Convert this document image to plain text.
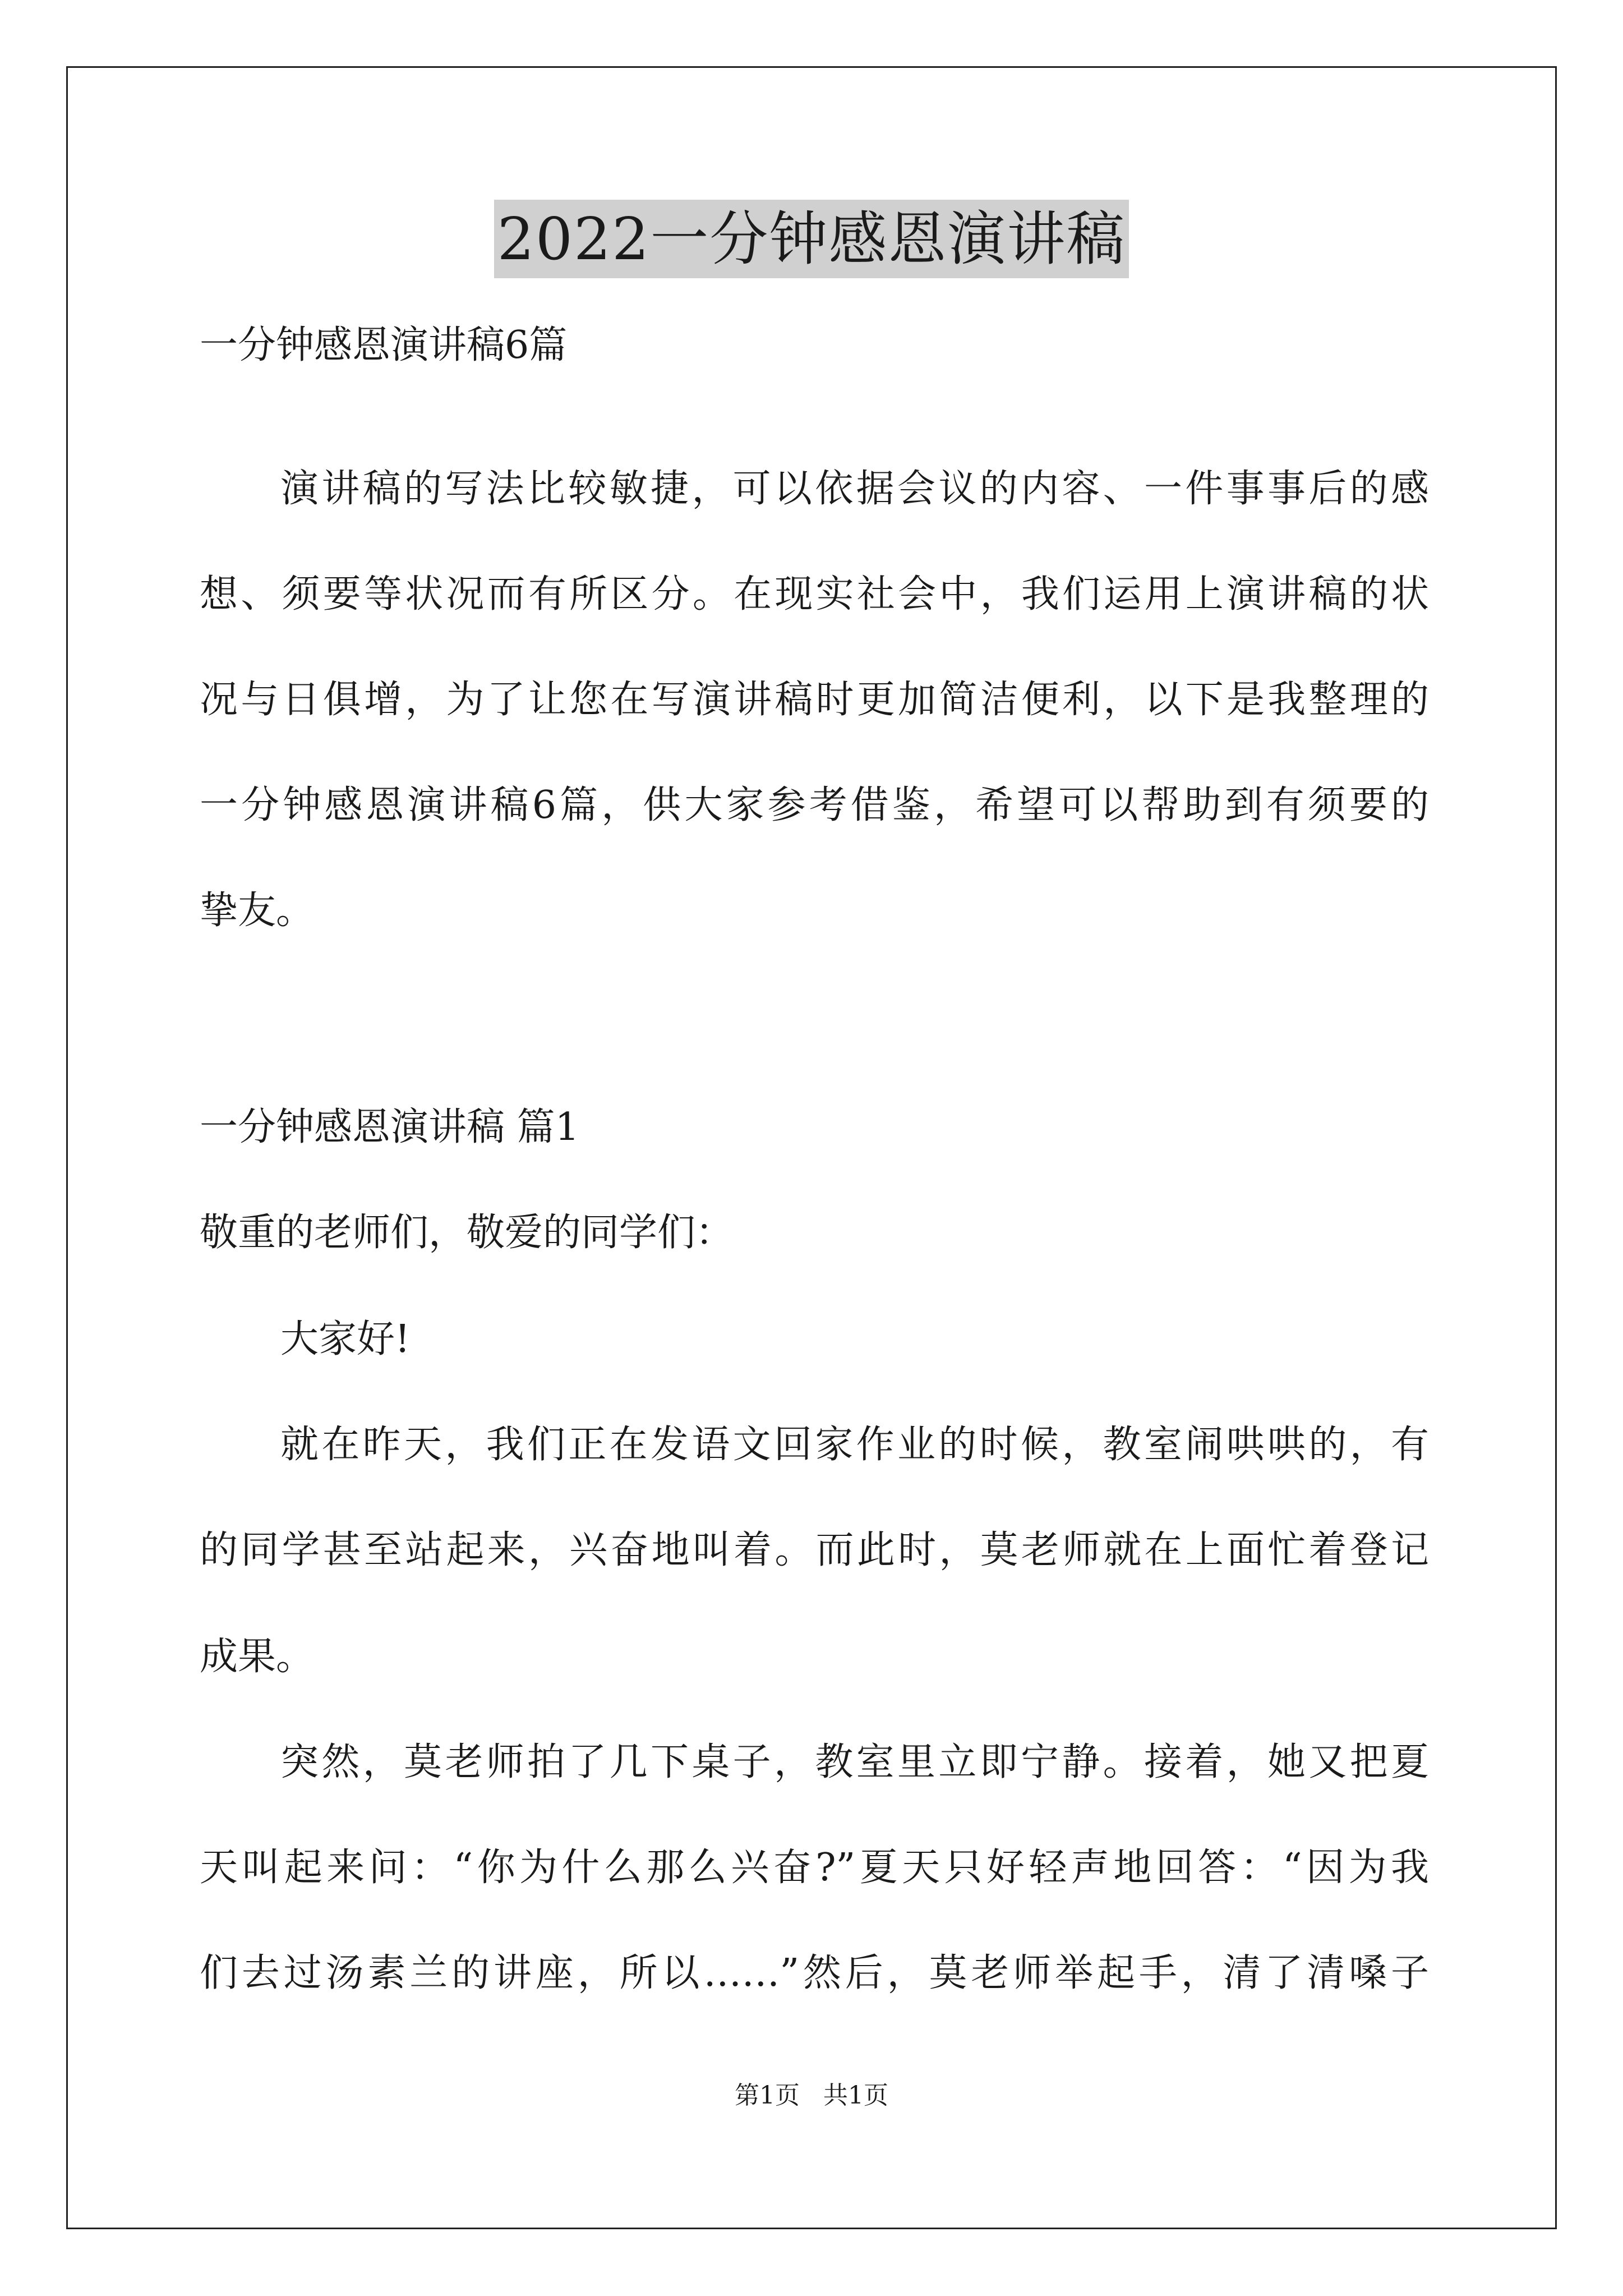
2022一分钟感恩演讲稿

一分钟感恩演讲稿6篇

演讲稿的写法比较敏捷，可以依据会议的内容、一件事事后的感

想、须要等状况而有所区分。在现实社会中，我们运用上演讲稿的状

况与日俱增，为了让您在写演讲稿时更加简洁便利，以下是我整理的

一分钟感恩演讲稿6篇，供大家参考借鉴，希望可以帮助到有须要的

挚友。

一分钟感恩演讲稿 篇1

敬重的老师们，敬爱的同学们：

大家好!

就在昨天，我们正在发语文回家作业的时候，教室闹哄哄的，有

的同学甚至站起来，兴奋地叫着。而此时，莫老师就在上面忙着登记

成果。

突然，莫老师拍了几下桌子，教室里立即宁静。接着，她又把夏

天叫起来问：“你为什么那么兴奋?”夏天只好轻声地回答：“因为我

们去过汤素兰的讲座，所以……”然后，莫老师举起手，清了清嗓子

第1页 共1页
